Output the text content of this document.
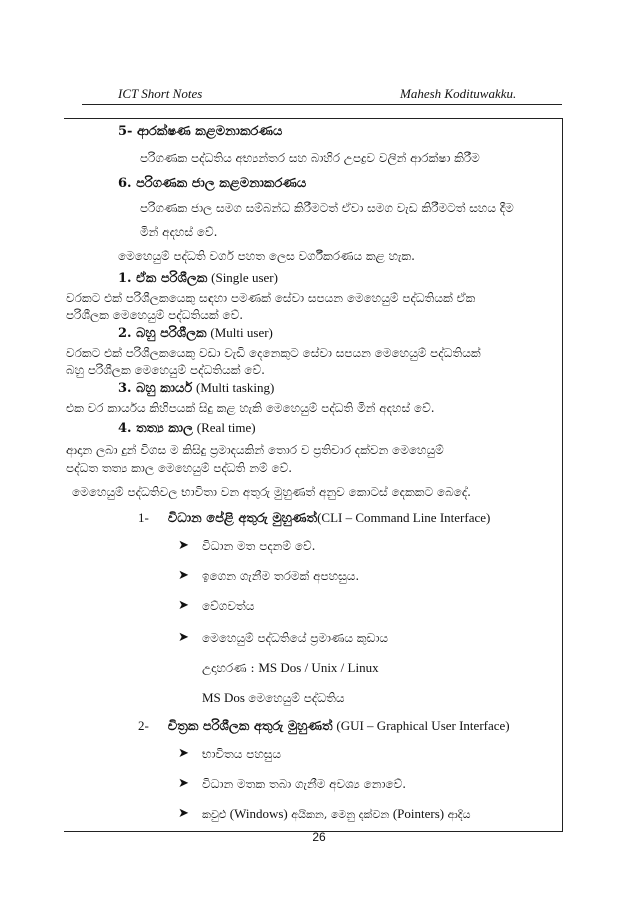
ICT Short Notes	Mahesh Kodituwakku.
5- ආරක්ෂණ කළමනාකරණය
පරිගණක පද්ධතිය අභ්‍යන්තර සහ බාහිර උපද්‍රව වලින් ආරක්ෂා කිරීම
6. පරිගණක ජාල කළමනාකරණය
පරිගණක ජාල සමග සම්බන්ධ කිරීමටත් ඒවා සමග වැඩ කිරීමටත් සහය දීම
මින් අදහස් වේ.
මෙහෙයුම් පද්ධති වර්ග පහත ලෙස වර්ගීකරණය කළ හැක.
1. ඒක පරිශීලක (Single user)
වරකට එක් පරිශීලකයෙකු සඳහා පමණක් සේවා සපයන මෙහෙයුම් පද්ධතියක් ඒක
පරිශීලක මෙහෙයුම් පද්ධතියක් වේ.
2. බහු පරිශීලක (Multi user)
වරකට එක් පරිශීලකයෙකු වඩා වැඩි දෙනෙකුට සේවා සපයන මෙහෙයුම් පද්ධතියක්
බහු පරිශීලක මෙහෙයුම් පද්ධතියක් වේ.
3. බහු කාර්ය (Multi tasking)
එක වර කාර්යය කිහිපයක් සිදු කළ හැකි මෙහෙයුම් පද්ධති මින් අදහස් වේ.
4. තත්‍ය කාල (Real time)
ආදාන ලබා දුන් විගස ම කිසිදු ප්‍රමාදයකින් තොර ව ප්‍රතිචාර දක්වන මෙහෙයුම්
පද්ධත තත්‍ය කාල මෙහෙයුම් පද්ධති නම් වේ.
මෙහෙයුම් පද්ධතිවල භාවිතා වන අතුරු මුහුණත් අනුව කොටස් දෙකකට බෙදේ.
1- විධාන පේළි අතුරු මුහුණත්(CLI – Command Line Interface)
➤ විධාන මත පදනම් වේ.
➤ ඉගෙන ගැනීම තරමක් අපහසුය.
➤ වේගවත්ය
➤ මෙහෙයුම් පද්ධතියේ ප්‍රමාණය කුඩාය
උදාහරණ : MS Dos / Unix / Linux
MS Dos මෙහෙයුම් පද්ධතිය
2- චිත්‍රක පරිශීලක අතුරු මුහුණත් (GUI – Graphical User Interface)
➤ භාවිතය පහසුය
➤ විධාන මතක තබා ගැනීම අවශ්‍ය නොවේ.
➤ කවුළු (Windows) අයිකන, මෙනු දක්වන (Pointers) ආදිය
26
